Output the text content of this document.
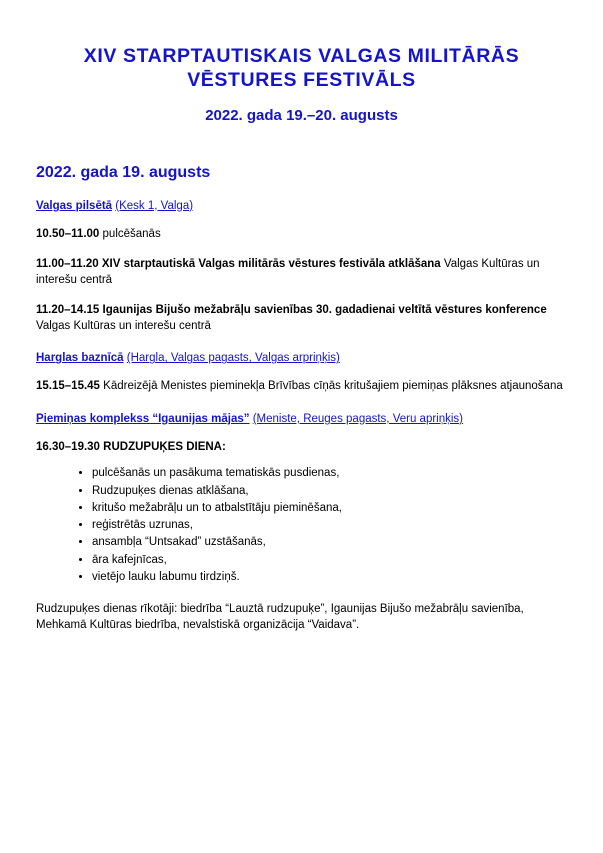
XIV STARPTAUTISKAIS VALGAS MILITĀRĀS VĒSTURES FESTIVĀLS
2022. gada 19.–20. augusts
2022. gada 19. augusts
Valgas pilsētā (Kesk 1, Valga)
10.50–11.00 pulcēšanās
11.00–11.20 XIV starptautiskā Valgas militārās vēstures festivāla atklāšana Valgas Kultūras un interešu centrā
11.20–14.15 Igaunijas Bijušo mežabrāļu savienības 30. gadadienai veltītā vēstures konference Valgas Kultūras un interešu centrā
Harglas baznīcā (Hargla, Valgas pagasts, Valgas arpriņķis)
15.15–15.45 Kādreizējā Menistes pieminekļa Brīvības cīņās kritušajiem piemiņas plāksnes atjaunošana
Piemiņas komplekss “Igaunijas mājas” (Meniste, Reuges pagasts, Veru apriņķis)
16.30–19.30 RUDZUPUĶES DIENA:
• pulcēšanās un pasākuma tematiskās pusdienas,
• Rudzupuķes dienas atklāšana,
• kritušo mežabrāļu un to atbalstītāju pieminēšana,
• reģistrētās uzrunas,
• ansambļa “Untsakad” uzstāšanās,
• āra kafejnīcas,
• vietējo lauku labumu tirdziņš.
Rudzupuķes dienas rīkotāji: biedrība “Lauztā rudzupuķe”, Igaunijas Bijušo mežabrāļu savienība, Mehkamā Kultūras biedrība, nevalstiskā organizācija “Vaidava”.
